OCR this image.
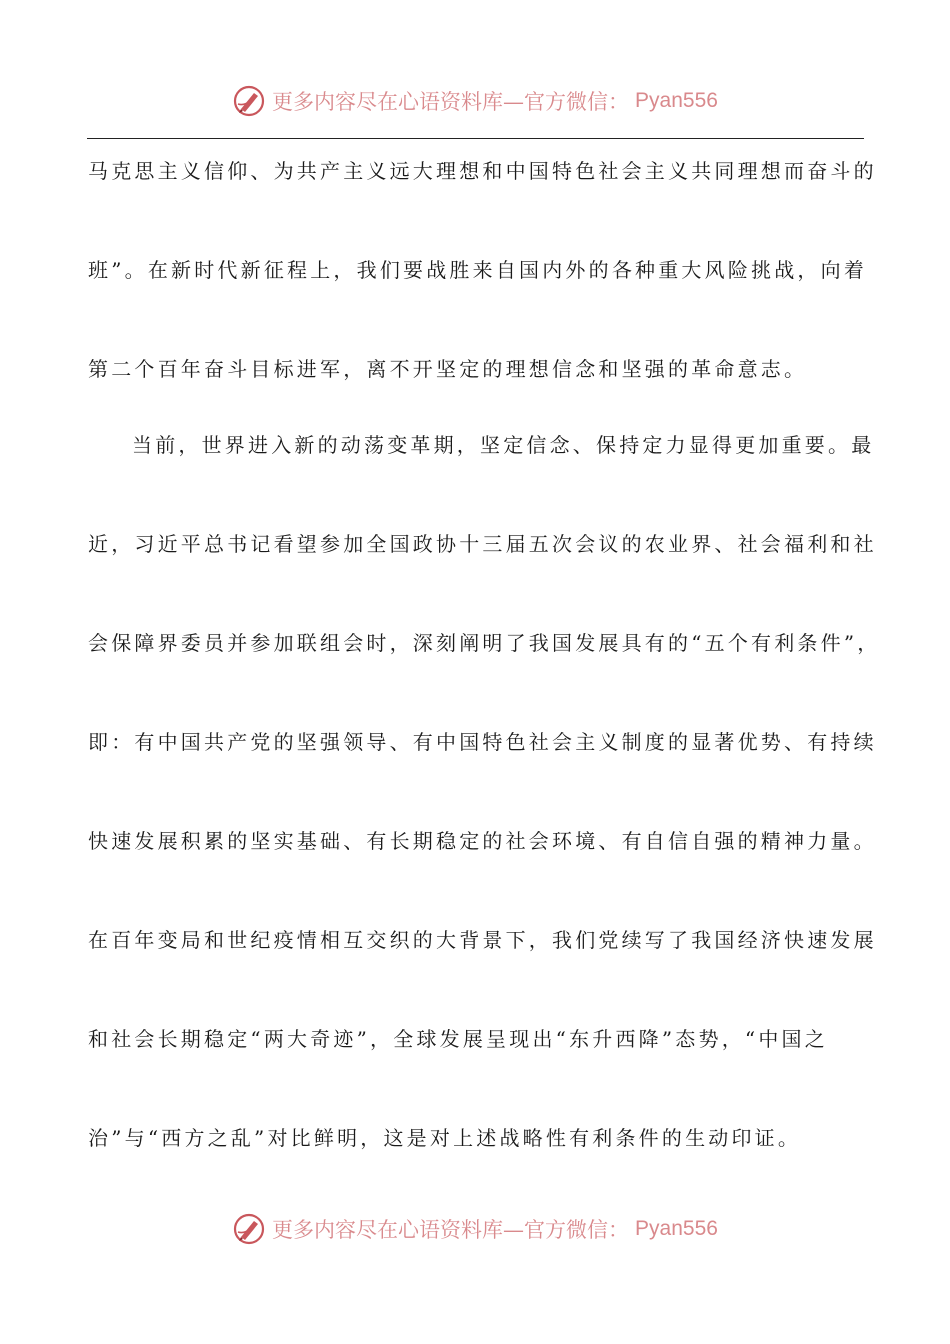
更多内容尽在心语资料库—官方微信： Pyan556
马克思主义信仰、为共产主义远大理想和中国特色社会主义共同理想而奋斗的
班”。在新时代新征程上，我们要战胜来自国内外的各种重大风险挑战，向着
第二个百年奋斗目标进军，离不开坚定的理想信念和坚强的革命意志。
当前，世界进入新的动荡变革期，坚定信念、保持定力显得更加重要。最
近，习近平总书记看望参加全国政协十三届五次会议的农业界、社会福利和社
会保障界委员并参加联组会时，深刻阐明了我国发展具有的“五个有利条件”，
即：有中国共产党的坚强领导、有中国特色社会主义制度的显著优势、有持续
快速发展积累的坚实基础、有长期稳定的社会环境、有自信自强的精神力量。
在百年变局和世纪疫情相互交织的大背景下，我们党续写了我国经济快速发展
和社会长期稳定“两大奇迹”，全球发展呈现出“东升西降”态势，“中国之
治”与“西方之乱”对比鲜明，这是对上述战略性有利条件的生动印证。
更多内容尽在心语资料库—官方微信： Pyan556
